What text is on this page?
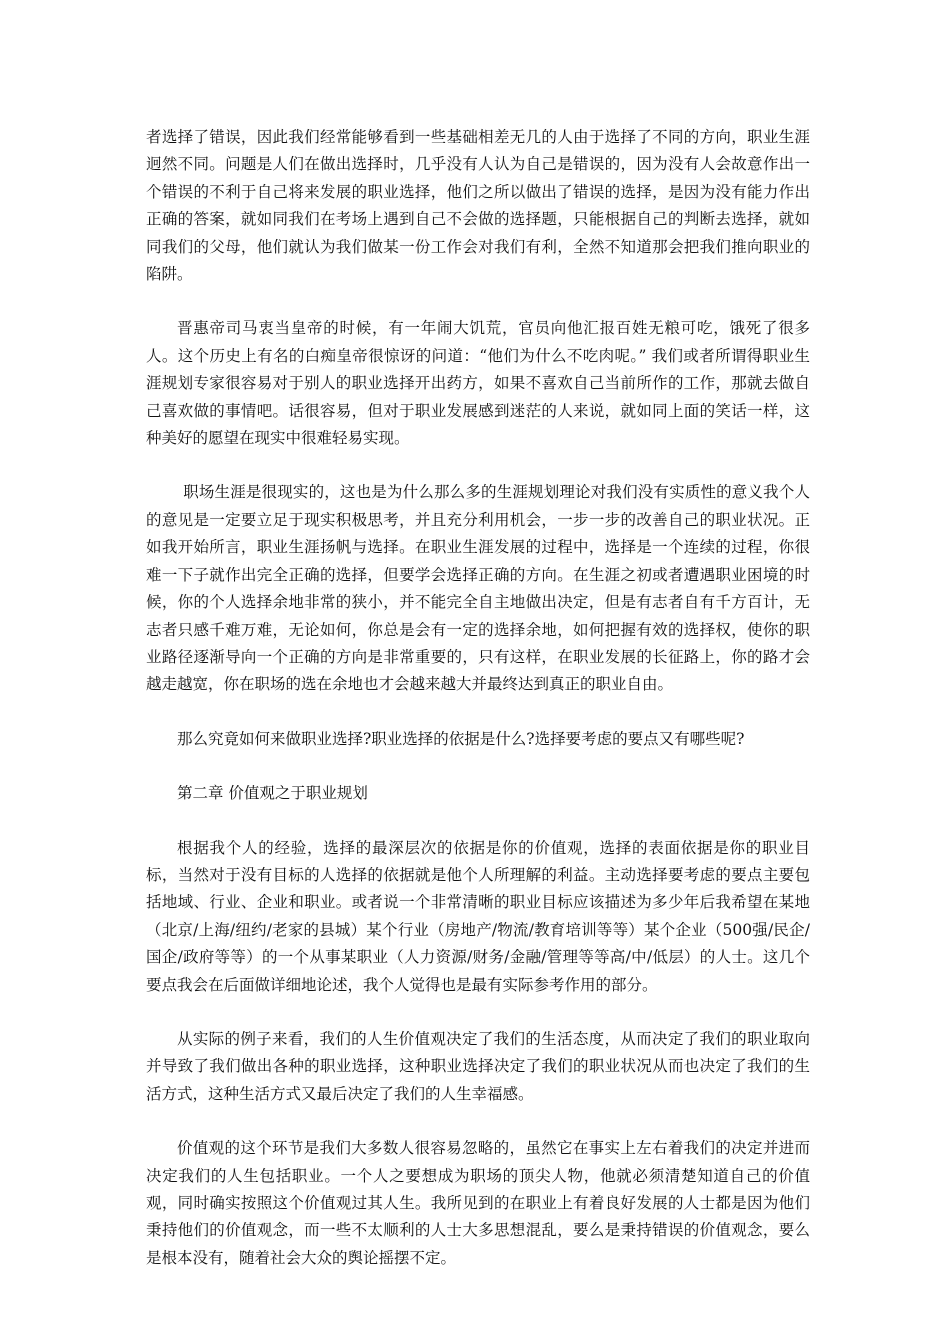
者选择了错误，因此我们经常能够看到一些基础相差无几的人由于选择了不同的方向，职业生涯迥然不同。问题是人们在做出选择时，几乎没有人认为自己是错误的，因为没有人会故意作出一个错误的不利于自己将来发展的职业选择，他们之所以做出了错误的选择，是因为没有能力作出正确的答案，就如同我们在考场上遇到自己不会做的选择题，只能根据自己的判断去选择，就如同我们的父母，他们就认为我们做某一份工作会对我们有利，全然不知道那会把我们推向职业的陷阱。

晋惠帝司马衷当皇帝的时候，有一年闹大饥荒，官员向他汇报百姓无粮可吃，饿死了很多人。这个历史上有名的白痴皇帝很惊讶的问道：“他们为什么不吃肉呢。” 我们或者所谓得职业生涯规划专家很容易对于别人的职业选择开出药方，如果不喜欢自己当前所作的工作，那就去做自己喜欢做的事情吧。话很容易，但对于职业发展感到迷茫的人来说，就如同上面的笑话一样，这种美好的愿望在现实中很难轻易实现。

职场生涯是很现实的，这也是为什么那么多的生涯规划理论对我们没有实质性的意义我个人的意见是一定要立足于现实积极思考，并且充分利用机会，一步一步的改善自己的职业状况。正如我开始所言，职业生涯扬帆与选择。在职业生涯发展的过程中，选择是一个连续的过程，你很难一下子就作出完全正确的选择，但要学会选择正确的方向。在生涯之初或者遭遇职业困境的时候，你的个人选择余地非常的狭小，并不能完全自主地做出决定，但是有志者自有千方百计，无志者只感千难万难，无论如何，你总是会有一定的选择余地，如何把握有效的选择权，使你的职业路径逐渐导向一个正确的方向是非常重要的，只有这样，在职业发展的长征路上，你的路才会越走越宽，你在职场的选在余地也才会越来越大并最终达到真正的职业自由。

那么究竟如何来做职业选择?职业选择的依据是什么?选择要考虑的要点又有哪些呢?

第二章 价值观之于职业规划

根据我个人的经验，选择的最深层次的依据是你的价值观，选择的表面依据是你的职业目标，当然对于没有目标的人选择的依据就是他个人所理解的利益。主动选择要考虑的要点主要包括地域、行业、企业和职业。或者说一个非常清晰的职业目标应该描述为多少年后我希望在某地（北京/上海/纽约/老家的县城）某个行业（房地产/物流/教育培训等等）某个企业（500强/民企/国企/政府等等）的一个从事某职业（人力资源/财务/金融/管理等等高/中/低层）的人士。这几个要点我会在后面做详细地论述，我个人觉得也是最有实际参考作用的部分。

从实际的例子来看，我们的人生价值观决定了我们的生活态度，从而决定了我们的职业取向并导致了我们做出各种的职业选择，这种职业选择决定了我们的职业状况从而也决定了我们的生活方式，这种生活方式又最后决定了我们的人生幸福感。

价值观的这个环节是我们大多数人很容易忽略的，虽然它在事实上左右着我们的决定并进而决定我们的人生包括职业。一个人之要想成为职场的顶尖人物，他就必须清楚知道自己的价值观，同时确实按照这个价值观过其人生。我所见到的在职业上有着良好发展的人士都是因为他们秉持他们的价值观念，而一些不太顺利的人士大多思想混乱，要么是秉持错误的价值观念，要么是根本没有，随着社会大众的舆论摇摆不定。
